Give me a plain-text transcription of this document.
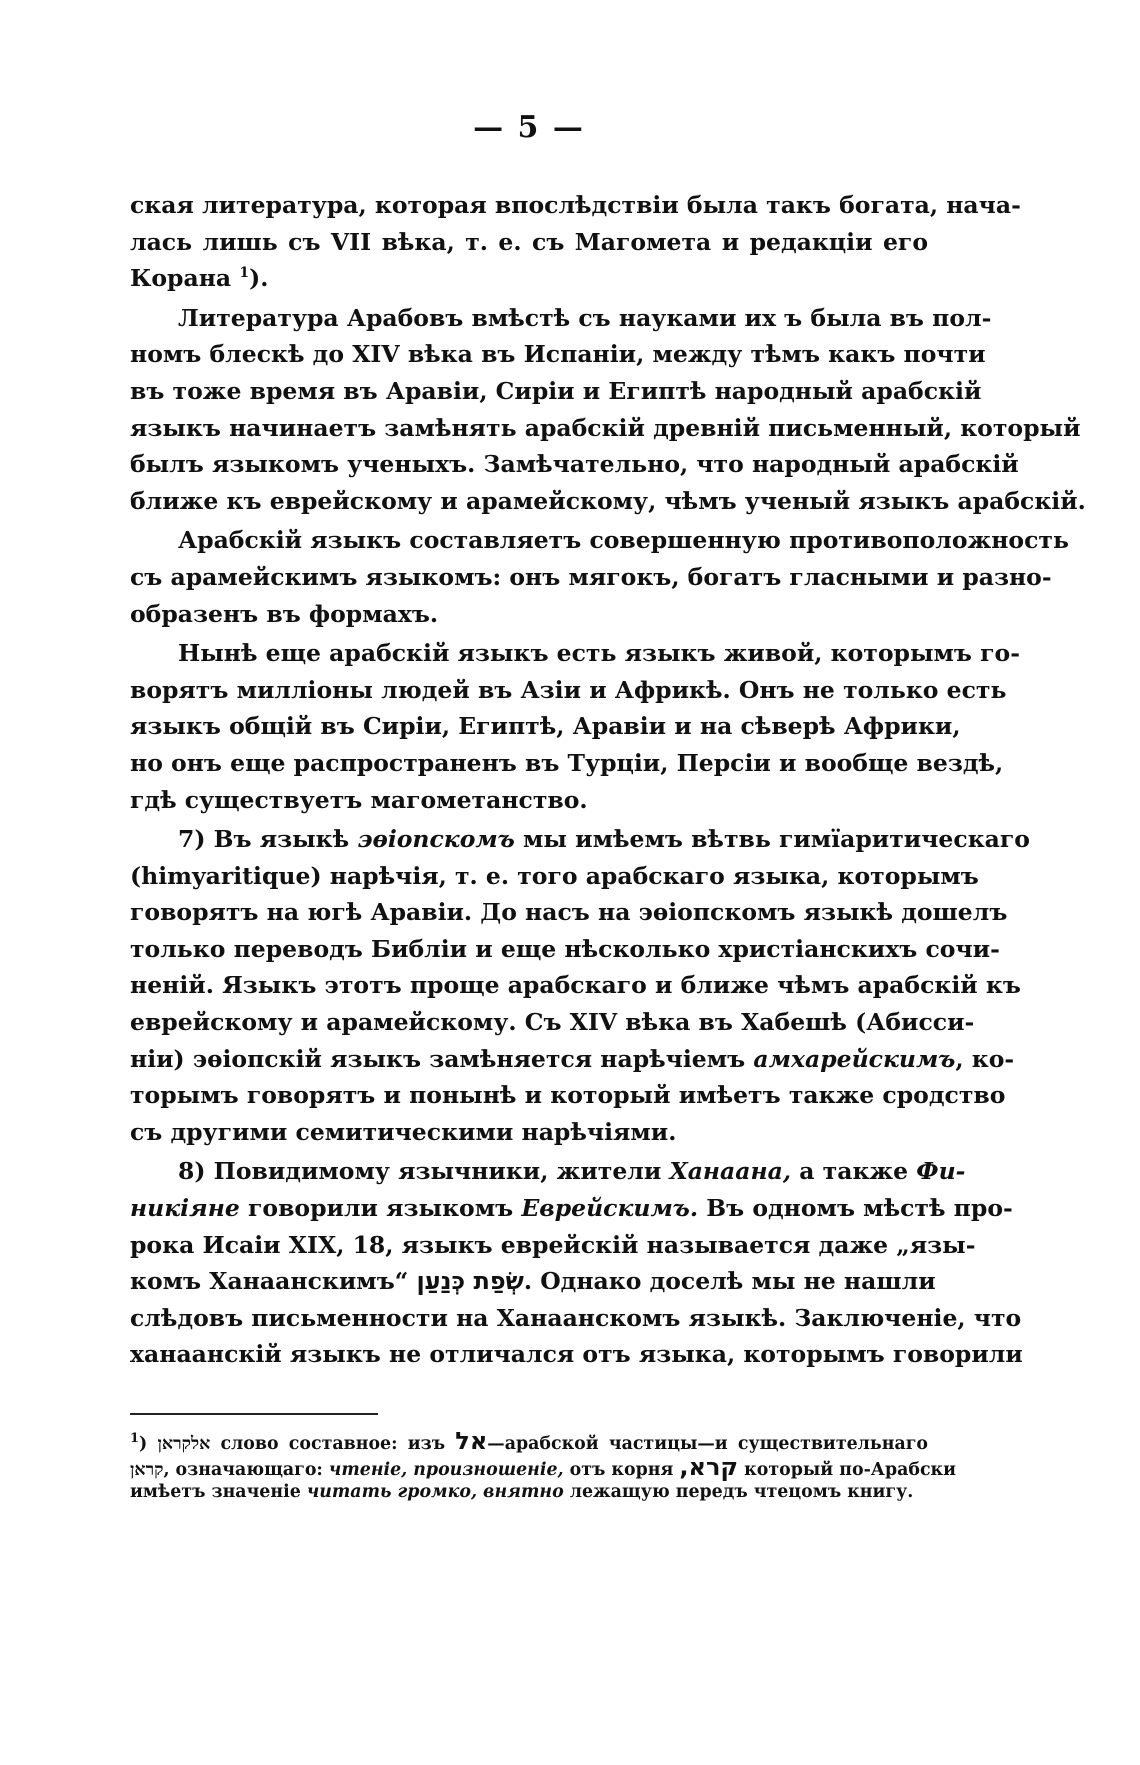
— 5 —
ская литература, которая впослѣдствіи была такъ богата, нача-
лась лишь съ VII вѣка, т. е. съ Магомета и редакціи его
Корана $^1$).
Литература Арабовъ вмѣстѣ съ науками их ъ была въ пол-
номъ блескѣ до XIV вѣка въ Испаніи, между тѣмъ какъ почти
въ тоже время въ Аравіи, Сиріи и Египтѣ народный арабскій
языкъ начинаетъ замѣнять арабскій древній письменный, который
былъ языкомъ ученыхъ. Замѣчательно, что народный арабскій
ближе къ еврейскому и арамейскому, чѣмъ ученый языкъ арабскій.
Арабскій языкъ составляетъ совершенную противоположность
съ арамейскимъ языкомъ: онъ мягокъ, богатъ гласными и разно-
образенъ въ формахъ.
Нынѣ еще арабскій языкъ есть языкъ живой, которымъ го-
ворятъ милліоны людей въ Азіи и Африкѣ. Онъ не только есть
языкъ общій въ Сиріи, Египтѣ, Аравіи и на сѣверѣ Африки,
но онъ еще распространенъ въ Турціи, Персіи и вообще вездѣ,
гдѣ существуетъ магометанство.
7) Въ языкѣ эѳіопскомъ мы имѣемъ вѣтвь гимïаритическаго
(himyaritique) нарѣчія, т. е. того арабскаго языка, которымъ
говорятъ на югѣ Аравіи. До насъ на эѳіопскомъ языкѣ дошелъ
только переводъ Библіи и еще нѣсколько христіанскихъ сочи-
неній. Языкъ этотъ проще арабскаго и ближе чѣмъ арабскій къ
еврейскому и арамейскому. Съ XIV вѣка въ Хабешѣ (Абисси-
ніи) эѳіопскій языкъ замѣняется нарѣчіемъ амхарейскимъ, ко-
торымъ говорятъ и понынѣ и который имѣетъ также сродство
съ другими семитическими нарѣчіями.
8) Повидимому язычники, жители Ханаана, а также Фи-
никіяне говорили языкомъ Еврейскимъ. Въ одномъ мѣстѣ про-
рока Исаіи XIX, 18, языкъ еврейскій называется даже „язы-
комъ Ханаанскимъ“ שְׂפַת כְּנַעַן. Однако доселѣ мы не нашли
слѣдовъ письменности на Ханаанскомъ языкѣ. Заключеніе, что
ханаанскій языкъ не отличался отъ языка, которымъ говорили
$^1$) אלקראן слово составное: изъ אל—арабской частицы—и существительнаго
קראן, означающаго: чтеніе, произношеніе, отъ корня קרא, который по-Арабски
имѣетъ значеніе читать громко, внятно лежащую передъ чтецомъ книгу.
